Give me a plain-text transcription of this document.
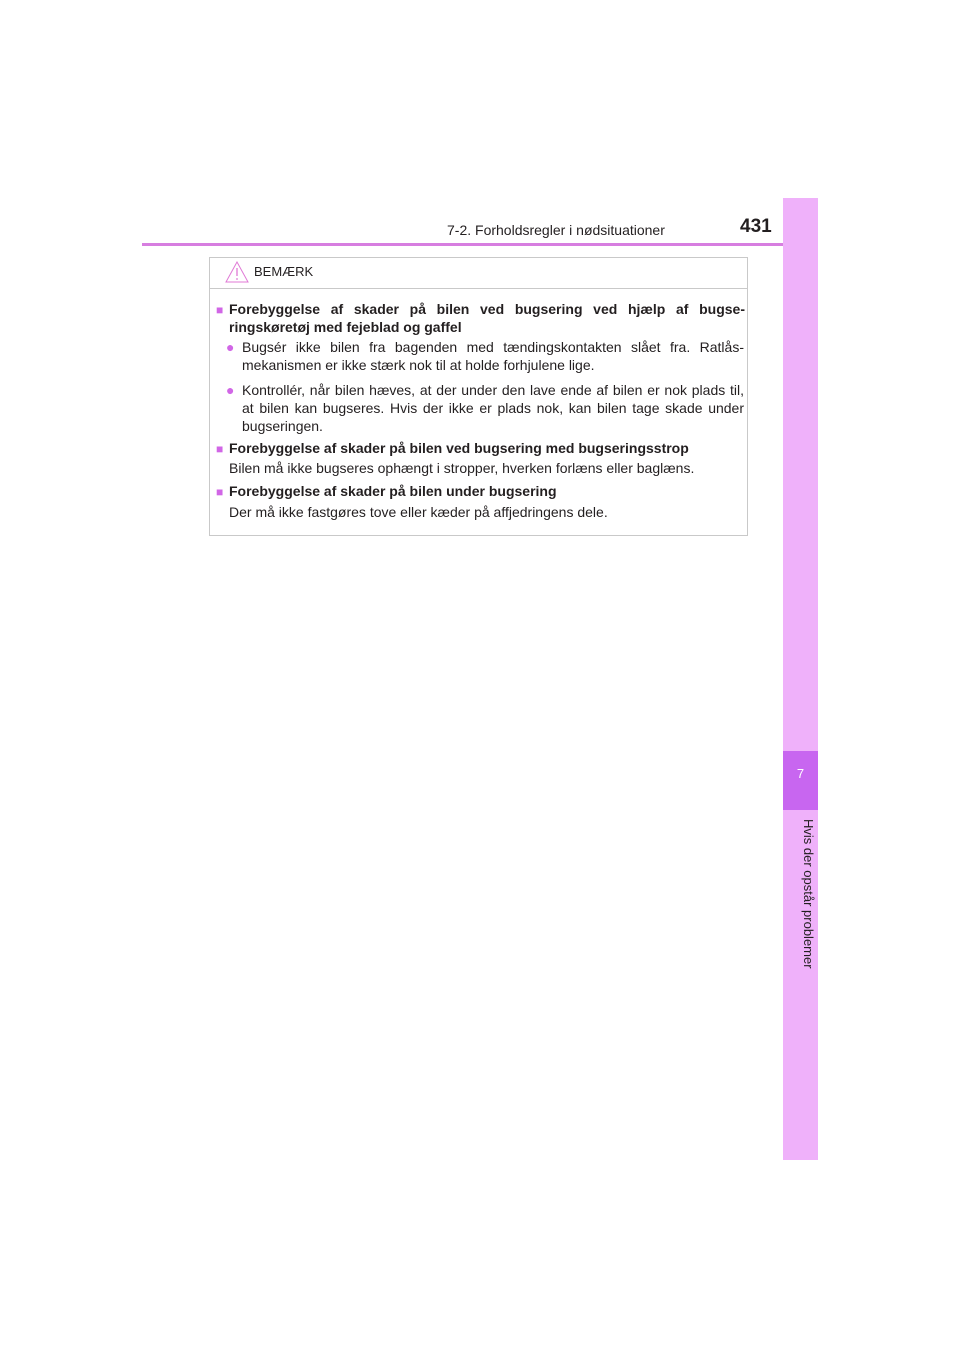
7-2. Forholdsregler i nødsituationer	431
7
Hvis der opstår problemer
BEMÆRK
■ Forebyggelse af skader på bilen ved bugsering ved hjælp af bugse-ringskøretøj med fejeblad og gaffel
● Bugsér ikke bilen fra bagenden med tændingskontakten slået fra. Ratlås-mekanismen er ikke stærk nok til at holde forhjulene lige.
● Kontrollér, når bilen hæves, at der under den lave ende af bilen er nok plads til, at bilen kan bugseres. Hvis der ikke er plads nok, kan bilen tage skade under bugseringen.
■ Forebyggelse af skader på bilen ved bugsering med bugseringsstrop
Bilen må ikke bugseres ophængt i stropper, hverken forlæns eller baglæns.
■ Forebyggelse af skader på bilen under bugsering
Der må ikke fastgøres tove eller kæder på affjedringens dele.
